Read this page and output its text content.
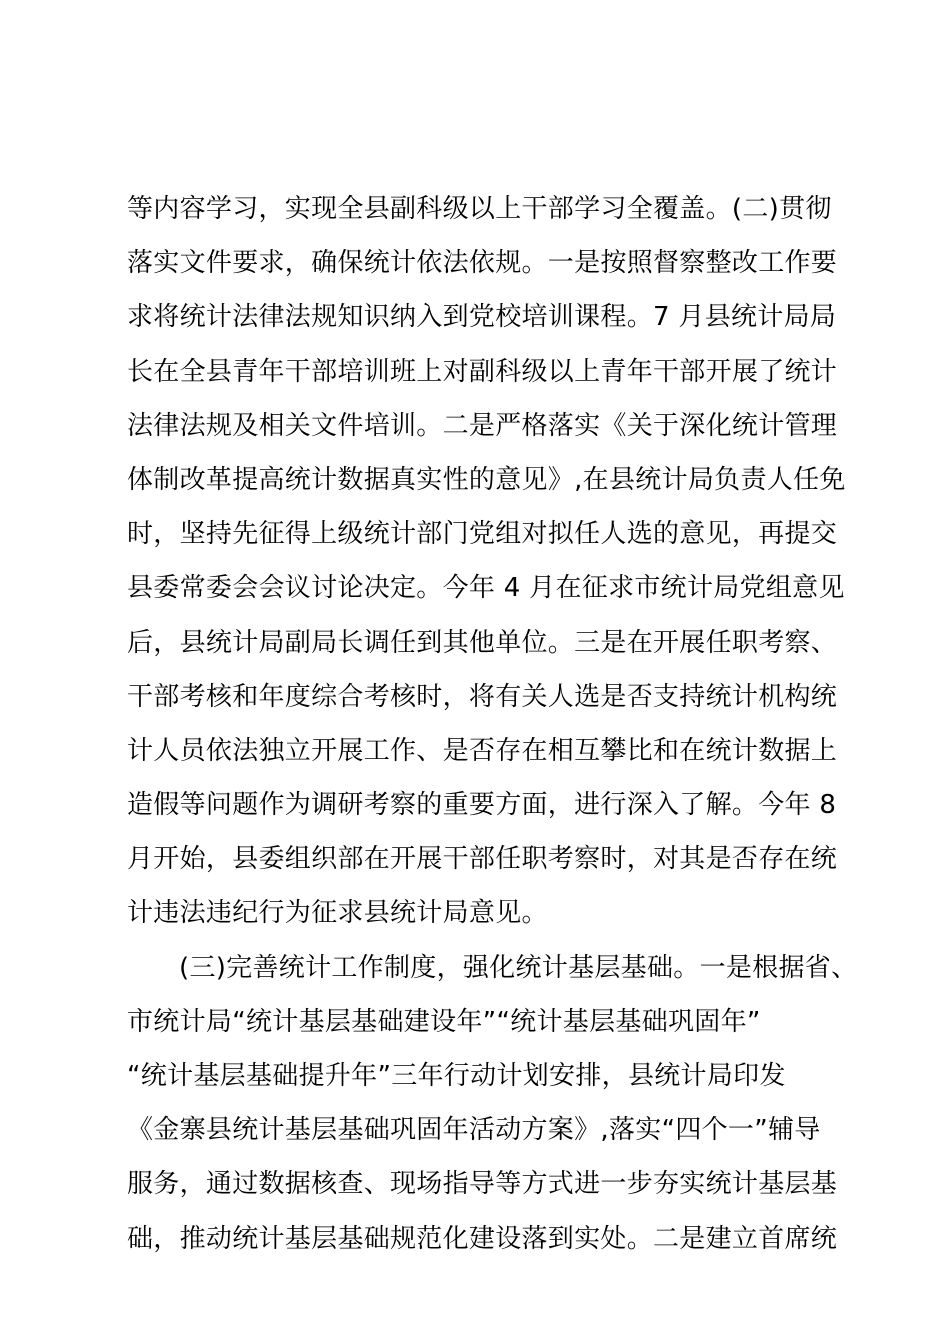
等内容学习，实现全县副科级以上干部学习全覆盖。(二)贯彻
落实文件要求，确保统计依法依规。一是按照督察整改工作要
求将统计法律法规知识纳入到党校培训课程。7 月县统计局局
长在全县青年干部培训班上对副科级以上青年干部开展了统计
法律法规及相关文件培训。二是严格落实《关于深化统计管理
体制改革提高统计数据真实性的意见》,在县统计局负责人任免
时，坚持先征得上级统计部门党组对拟任人选的意见，再提交
县委常委会会议讨论决定。今年 4 月在征求市统计局党组意见
后，县统计局副局长调任到其他单位。三是在开展任职考察、
干部考核和年度综合考核时，将有关人选是否支持统计机构统
计人员依法独立开展工作、是否存在相互攀比和在统计数据上
造假等问题作为调研考察的重要方面，进行深入了解。今年 8
月开始，县委组织部在开展干部任职考察时，对其是否存在统
计违法违纪行为征求县统计局意见。
(三)完善统计工作制度，强化统计基层基础。一是根据省、
市统计局“统计基层基础建设年”“统计基层基础巩固年”
“统计基层基础提升年”三年行动计划安排，县统计局印发
《金寨县统计基层基础巩固年活动方案》,落实“四个一”辅导
服务，通过数据核查、现场指导等方式进一步夯实统计基层基
础，推动统计基层基础规范化建设落到实处。二是建立首席统
